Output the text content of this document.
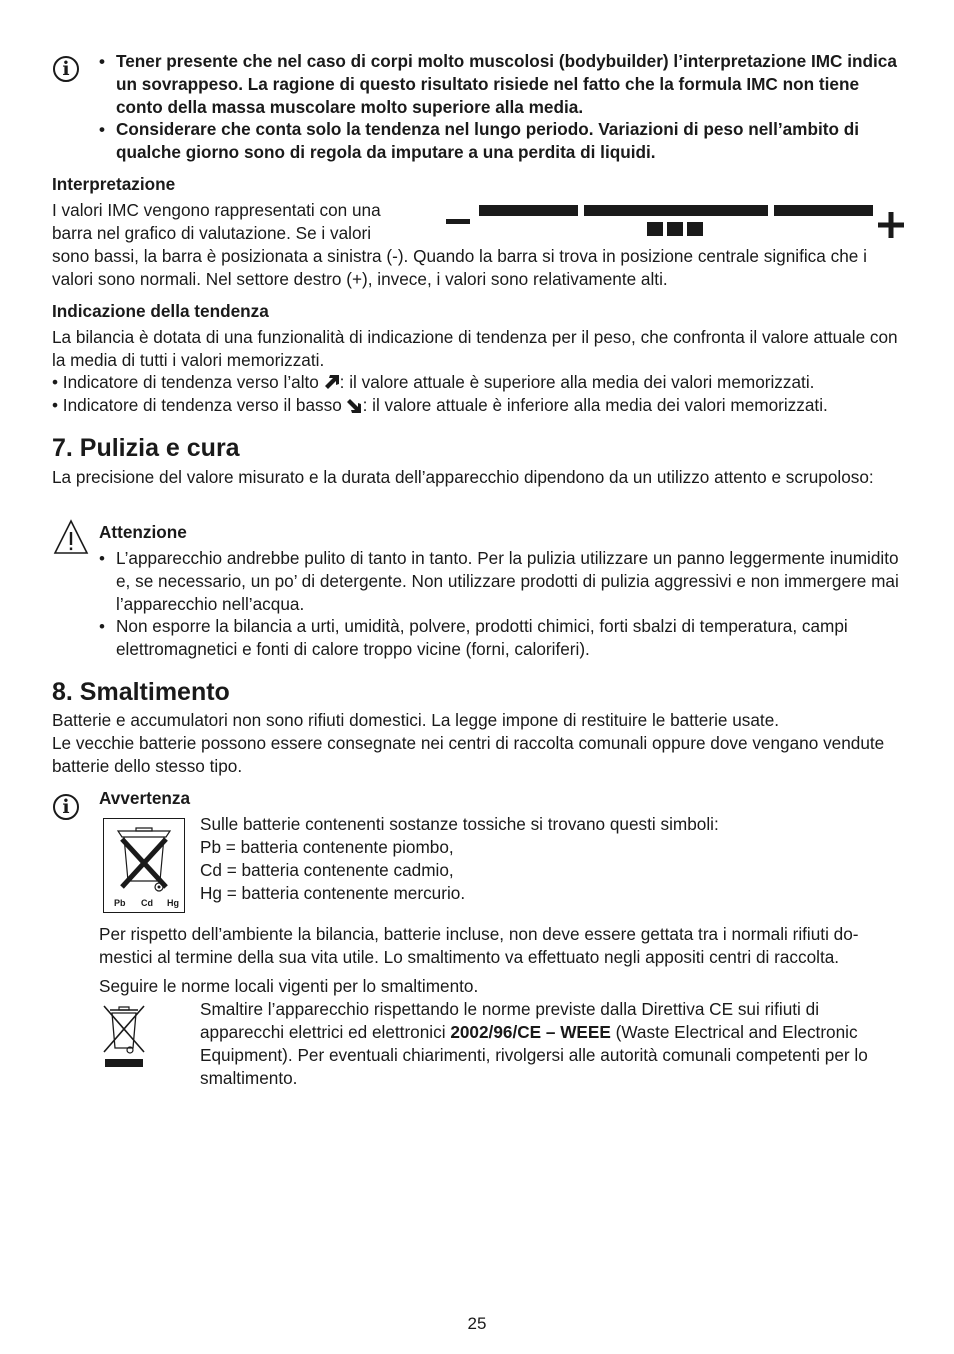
i	• Tener presente che nel caso di corpi molto muscolosi (bodybuilder) l’interpretazione IMC indica un sovrappeso. La ragione di questo risultato risiede nel fatto che la formula IMC non tiene conto della massa muscolare molto superiore alla media.

• Considerare che conta solo la tendenza nel lungo periodo. Variazioni di peso nell’ambito di qualche giorno sono di regola da imputare a una perdita di liquidi.

Interpretazione
I valori IMC vengono rappresentati con una
barra nel grafico di valutazione. Se i valori

sono bassi, la barra è posizionata a sinistra (-). Quando la barra si trova in posizione centrale significa che i valori sono normali. Nel settore destro (+), invece, i valori sono relativamente alti.

Indicazione della tendenza

La bilancia è dotata di una funzionalità di indicazione di tendenza per il peso, che confronta il valore attuale con la media di tutti i valori memorizzati.

• Indicatore di tendenza verso l’alto : il valore attuale è superiore alla media dei valori memorizzati.
• Indicatore di tendenza verso il basso : il valore attuale è inferiore alla media dei valori memorizzati.
7. Pulizia e cura

La precisione del valore misurato e la durata dell’apparecchio dipendono da un utilizzo attento e scrupoloso:

Attenzione
• L’apparecchio andrebbe pulito di tanto in tanto. Per la pulizia utilizzare un panno leggermente inumidito e, se necessario, un po’ di detergente. Non utilizzare prodotti di pulizia aggressivi e non immergere mai l’apparecchio nell’acqua.

• Non esporre la bilancia a urti, umidità, polvere, prodotti chimici, forti sbalzi di temperatura, campi elettromagnetici e fonti di calore troppo vicine (forni, caloriferi).

8. Smaltimento
Batterie e accumulatori non sono rifiuti domestici. La legge impone di restituire le batterie usate.

Le vecchie batterie possono essere consegnate nei centri di raccolta comunali oppure dove vengano vendute batterie dello stesso tipo.

i	Avvertenza
Pb Cd Hg
Sulle batterie contenenti sostanze tossiche si trovano questi simboli:
Pb = batteria contenente piombo,
Cd = batteria contenente cadmio,
Hg = batteria contenente mercurio.

Per rispetto dell’ambiente la bilancia, batterie incluse, non deve essere gettata tra i normali rifiuti domestici al termine della sua vita utile. Lo smaltimento va effettuato negli appositi centri di raccolta.

Seguire le norme locali vigenti per lo smaltimento.

Smaltire l’apparecchio rispettando le norme previste dalla Direttiva CE sui rifiuti di apparecchi elettrici ed elettronici 2002/96/CE – WEEE (Waste Electrical and Electronic Equipment). Per eventuali chiarimenti, rivolgersi alle autorità comunali competenti per lo smaltimento.

25
